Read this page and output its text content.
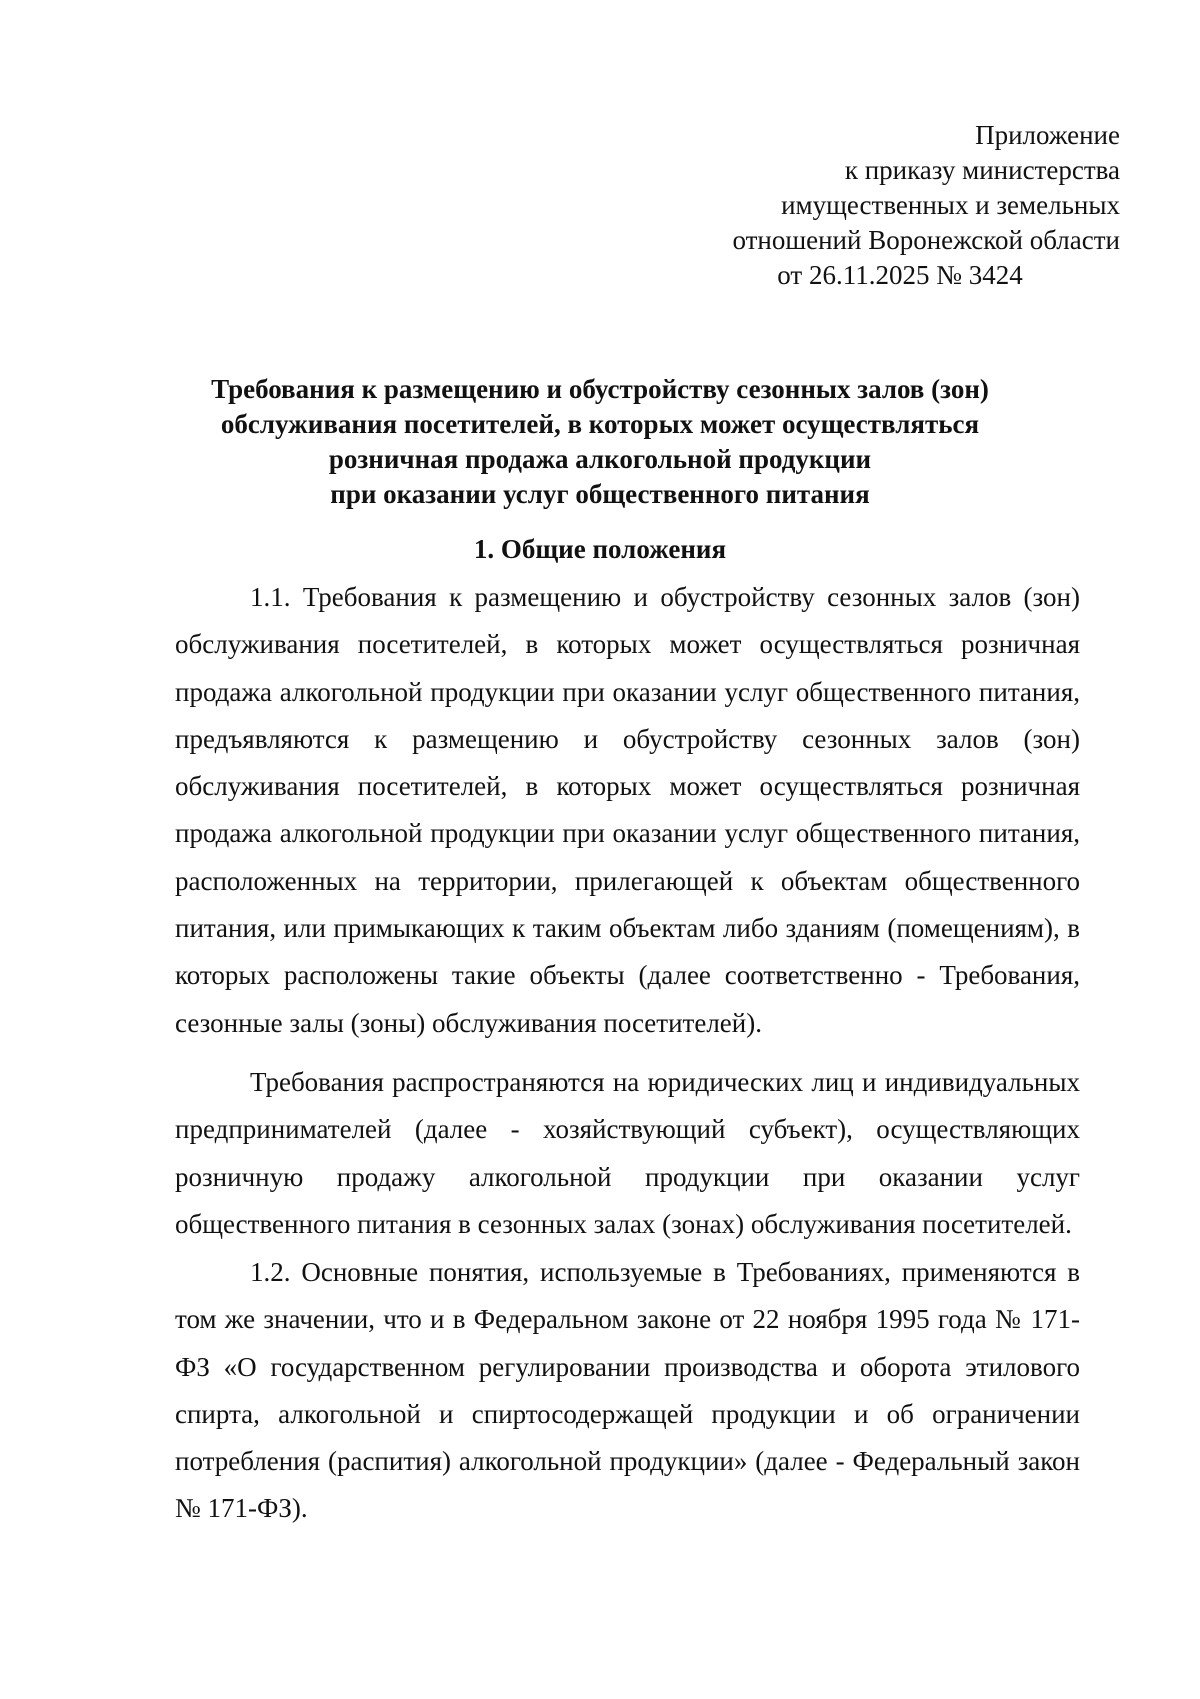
Приложение
к приказу министерства
имущественных и земельных
отношений Воронежской области
от 26.11.2025 № 3424
Требования к размещению и обустройству сезонных залов (зон)
обслуживания посетителей, в которых может осуществляться
розничная продажа алкогольной продукции
при оказании услуг общественного питания
1. Общие положения
1.1. Требования к размещению и обустройству сезонных залов (зон)
обслуживания посетителей, в которых может осуществляться розничная
продажа алкогольной продукции при оказании услуг общественного питания,
предъявляются к размещению и обустройству сезонных залов (зон)
обслуживания посетителей, в которых может осуществляться розничная
продажа алкогольной продукции при оказании услуг общественного питания,
расположенных на территории, прилегающей к объектам общественного
питания, или примыкающих к таким объектам либо зданиям (помещениям), в
которых расположены такие объекты (далее соответственно - Требования,
сезонные залы (зоны) обслуживания посетителей).
Требования распространяются на юридических лиц и индивидуальных
предпринимателей (далее - хозяйствующий субъект), осуществляющих
розничную продажу алкогольной продукции при оказании услуг
общественного питания в сезонных залах (зонах) обслуживания посетителей.
1.2. Основные понятия, используемые в Требованиях, применяются в
том же значении, что и в Федеральном законе от 22 ноября 1995 года № 171-
ФЗ «О государственном регулировании производства и оборота этилового
спирта, алкогольной и спиртосодержащей продукции и об ограничении
потребления (распития) алкогольной продукции» (далее - Федеральный закон
№ 171-ФЗ).
